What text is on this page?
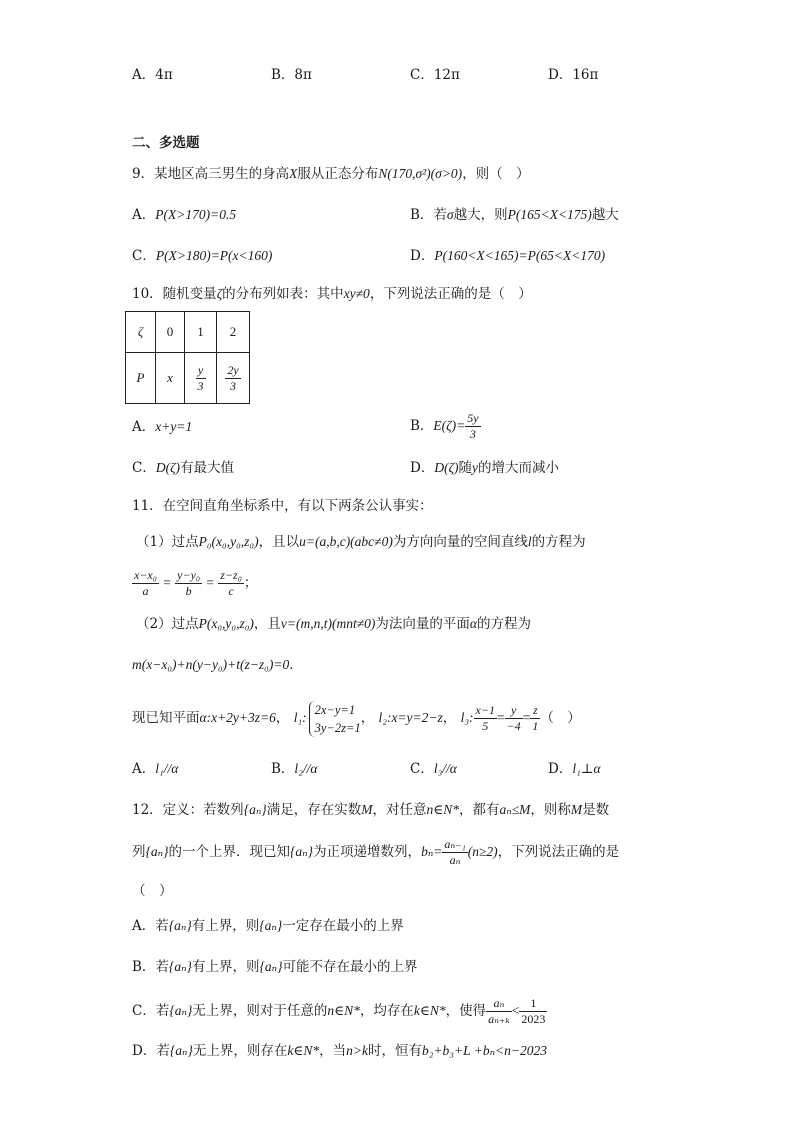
A．4π	B．8π	C．12π	D．16π
二、多选题
9．某地区高三男生的身高X服从正态分布N(170,σ²)(σ>0)，则（　）
A．P(X>170)=0.5	B．若σ越大，则P(165<X<175)越大
C．P(X>180)=P(x<160)	D．P(160<X<165)=P(65<X<170)
10．随机变量ζ的分布列如表：其中xy≠0，下列说法正确的是（　）
ζ	0	1	2
P	x	$\frac{y}{3}$	$\frac{2y}{3}$
A．x+y=1	B．$E(\zeta)= \frac{5y}{3}$
C．D(ζ)有最大值	D．D(ζ)随y的增大而减小
11．在空间直角坐标系中，有以下两条公认事实：
（1）过点P₀(x₀,y₀,z₀)，且以u=(a,b,c)(abc≠0)为方向向量的空间直线l的方程为
$\frac{\text{x−x₀}}{a} = \frac{\text{y−y₀}}{b} = \frac{\text{z−z₀}}{c}$ ；
（2）过点P(x₀,y₀,z₀)，且v=(m,n,t)(mnt≠0)为法向量的平面α的方程为
m(x−x₀)+n(y−y₀)+t(z−z₀)=0．
现已知平面α:x+2y+3z=6， l₁:
2x−y=1
3y−2z=1
， l₂:x=y=2−z， l₃: $\frac{x-1}{5} = \frac{y}{-4} = \frac{z}{1}$ （　）
A．l₁//α	B．l₂//α	C．l₃//α	D．l₁⊥α
12．定义：若数列{aₙ}满足，存在实数M，对任意n∈N*，都有aₙ≤M，则称M是数
列{aₙ}的一个上界．现已知{aₙ}为正项递增数列，$b_n= \frac{\text{aₙ₋₁}}{\text{aₙ}} (n\ge 2)$，下列说法正确的是
（　）
A．若{aₙ}有上界，则{aₙ}一定存在最小的上界
B．若{aₙ}有上界，则{aₙ}可能不存在最小的上界
C．若{aₙ}无上界，则对于任意的n∈N*，均存在k∈N*，使得 $\frac{\text{aₙ}}{\text{aₙ₊ₖ}} < \frac{1}{2023}$
D．若{aₙ}无上界，则存在k∈N*，当n>k时，恒有b₂+b₃+L +bₙ<n−2023
